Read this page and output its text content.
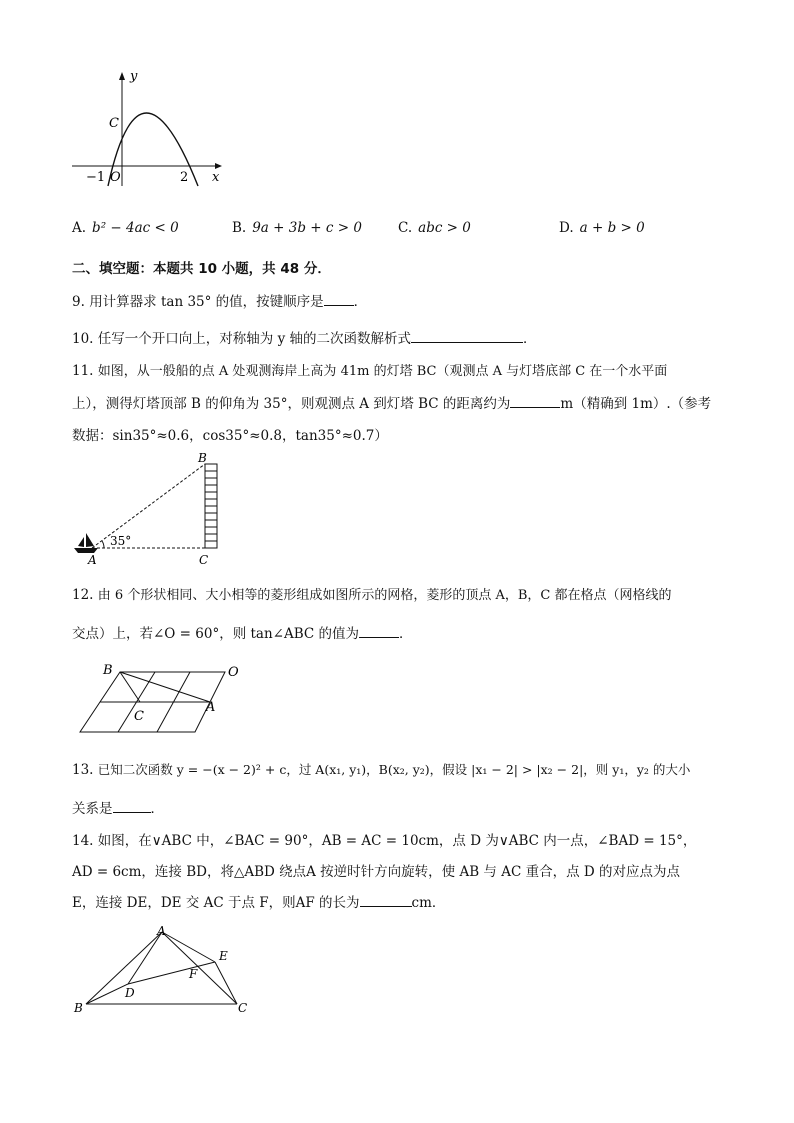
y
x
C
O
−1	2
A. b² − 4ac < 0	B. 9a + 3b + c > 0	C. abc > 0	D. a + b > 0
二、填空题：本题共 10 小题，共 48 分．
9. 用计算器求 tan 35° 的值，按键顺序是 ．
10. 任写一个开口向上，对称轴为 y 轴的二次函数解析式	．
11. 如图，从一般船的点 A 处观测海岸上高为 41m 的灯塔 BC（观测点 A 与灯塔底部 C 在一个水平面
上），测得灯塔顶部 B 的仰角为 35°，则观测点 A 到灯塔 BC 的距离约为	m（精确到 1m）.（参考
数据：sin35°≈0.6，cos35°≈0.8，tan35°≈0.7）
B
A	C
35°
12. 由 6 个形状相同、大小相等的菱形组成如图所示的网格，菱形的顶点 A，B，C 都在格点（网格线的
交点）上，若∠O = 60°，则 tan∠ABC 的值为	．
B	O
C
A
13. 已知二次函数 y = −(x − 2)² + c，过 A(x₁, y₁)，B(x₂, y₂)，假设 |x₁ − 2| > |x₂ − 2|，则 y₁，y₂ 的大小
关系是	．
14. 如图，在∨ABC 中，∠BAC = 90°，AB = AC = 10cm，点 D 为∨ABC 内一点，∠BAD = 15°，
AD = 6cm，连接 BD，将△ABD 绕点A 按逆时针方向旋转，使 AB 与 AC 重合，点 D 的对应点为点
E，连接 DE，DE 交 AC 于点 F，则AF 的长为	cm．
A
E
F
D
B	C
